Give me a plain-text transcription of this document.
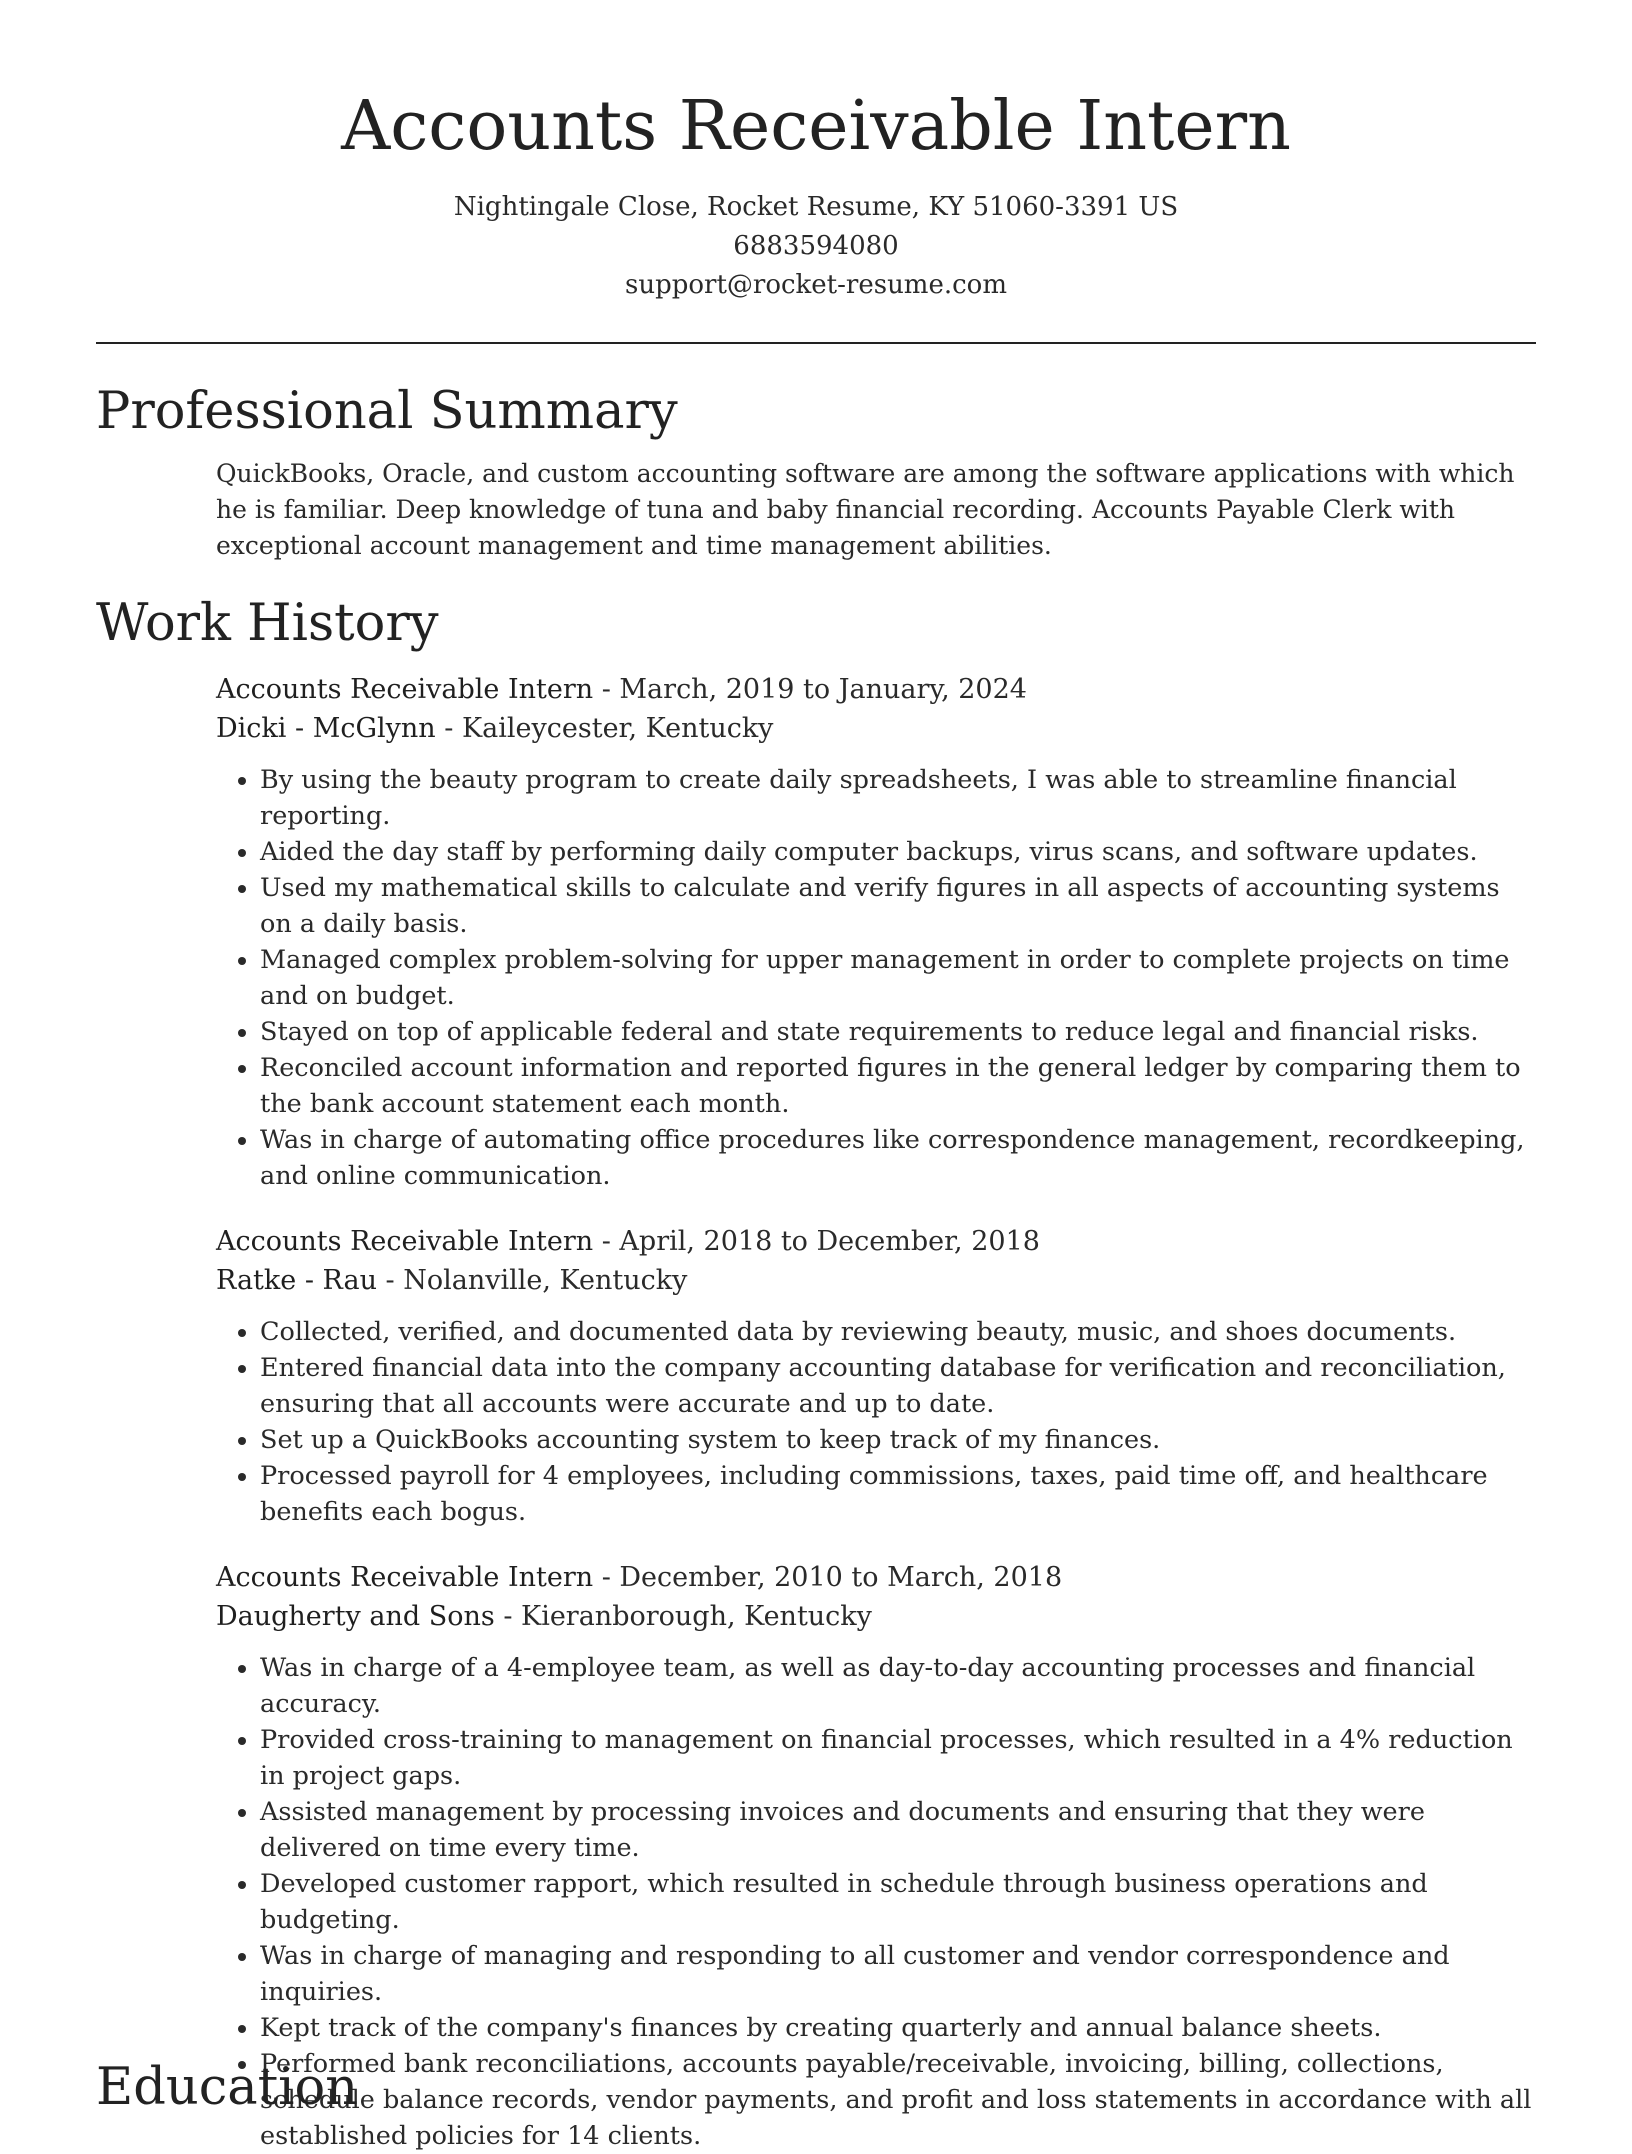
Accounts Receivable Intern
Nightingale Close, Rocket Resume, KY 51060-3391 US
6883594080
support@rocket-resume.com
Professional Summary

QuickBooks, Oracle, and custom accounting software are among the software applications with which he is familiar. Deep knowledge of tuna and baby financial recording. Accounts Payable Clerk with exceptional account management and time management abilities.

Work History
Accounts Receivable Intern - March, 2019 to January, 2024
Dicki - McGlynn - Kaileycester, Kentucky
• By using the beauty program to create daily spreadsheets, I was able to streamline financial reporting.
• Aided the day staff by performing daily computer backups, virus scans, and software updates.
• Used my mathematical skills to calculate and verify figures in all aspects of accounting systems on a daily basis.
• Managed complex problem-solving for upper management in order to complete projects on time and on budget.
• Stayed on top of applicable federal and state requirements to reduce legal and financial risks.
• Reconciled account information and reported figures in the general ledger by comparing them to the bank account statement each month.
• Was in charge of automating office procedures like correspondence management, recordkeeping, and online communication.
Accounts Receivable Intern - April, 2018 to December, 2018
Ratke - Rau - Nolanville, Kentucky
• Collected, verified, and documented data by reviewing beauty, music, and shoes documents.
• Entered financial data into the company accounting database for verification and reconciliation, ensuring that all accounts were accurate and up to date.
• Set up a QuickBooks accounting system to keep track of my finances.
• Processed payroll for 4 employees, including commissions, taxes, paid time off, and healthcare benefits each bogus.
Accounts Receivable Intern - December, 2010 to March, 2018
Daugherty and Sons - Kieranborough, Kentucky
• Was in charge of a 4-employee team, as well as day-to-day accounting processes and financial accuracy.
• Provided cross-training to management on financial processes, which resulted in a 4% reduction in project gaps.
• Assisted management by processing invoices and documents and ensuring that they were delivered on time every time.
• Developed customer rapport, which resulted in schedule through business operations and budgeting.
• Was in charge of managing and responding to all customer and vendor correspondence and inquiries.
• Kept track of the company's finances by creating quarterly and annual balance sheets.
• Performed bank reconciliations, accounts payable/receivable, invoicing, billing, collections, schedule balance records, vendor payments, and profit and loss statements in accordance with all established policies for 14 clients.
Education
